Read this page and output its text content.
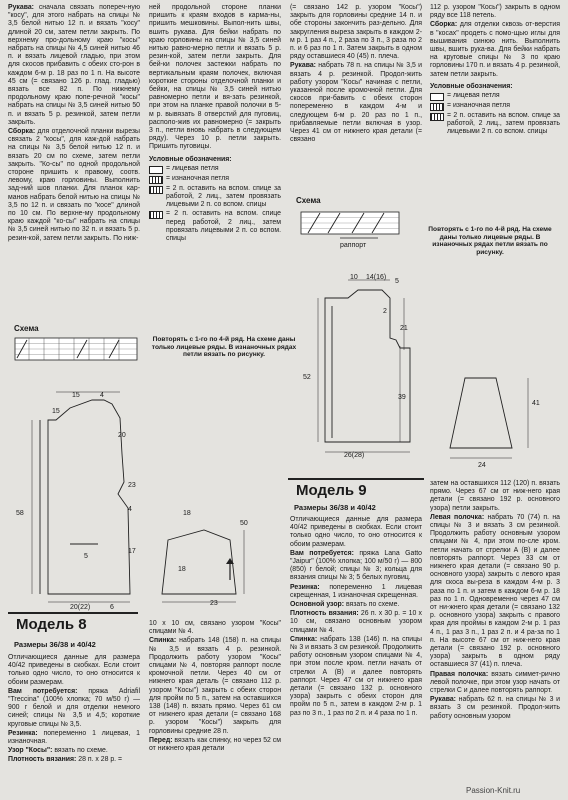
Рукава: сначала связать попереч-ную "косу", для этого набрать на спицы № 3,5 белой нитью 12 п. и вязать "косу" длиной 20 см, затем петли закрыть. По верхнему про-дольному краю "косы" набрать на спицы № 4,5 синей нитью 46 п. и вязать лицевой гладью, при этом для скосов прибавить с обеих сто-рон в каждом 6-м р. 18 раз по 1 п. На высоте 45 см (= связано 126 р. глад. гладью) вязать все 82 п. По нижнему продольному краю попе-речной "косы" набрать на спицы № 3,5 синей нитью 50 п. и вязать 5 р. резинкой, затем петли закрыть.

Сборка: для отделочной планки вырезы связать 2 "косы", для каж-дой набрать на спицы № 3,5 белой нитью 12 п. и вязать 20 см по схеме, затем петли закрыть. "Ко-сы" по одной продольной стороне пришить к правому, соотв. левому, краю горловины. Выполнить зад-ний шов планки. Для планок кар-манов набрать белой нитью на спицы № 3,5 по 12 п. и связать по "косе" длиной по 10 см. По верхне-му продольному краю каждой "ко-сы" набрать на спицы № 3,5 синей нитью по 32 п. и вязать 5 р. резин-кой, затем петли закрыть. По ниж-

ней продольной стороне планки пришить к краям входов в карма-ны, пришить мешковины. Выпол-нить швы, вшить рукава. Для бейки набрать по краю горловины на спицы № 3,5 синей нитью равно-мерно петли и вязать 5 р. резин-кой, затем петли закрыть. Для бей-ки полочек застежки набрать по вертикальным краям полочек, включая короткие стороны отделочной планки и бейки, на спицы № 3,5 синей нитью равномерно петли и вя-зать резинкой, при этом на планке правой полочки в 5-м р. вывязать 8 отверстий для пуговиц, располо-жив их равномерно (= закрыть 3 п., петли вновь набрать в следующем ряду). Через 10 р. петли закрыть. Пришить пуговицы.

Условные обозначения:

= лицевая петля
= изнаночная петля
= 2 п. оставить на вспом. спице за работой, 2 лиц., затем провязать лицевыми 2 п. со вспом. спицы
= 2 п. оставить на вспом. спице перед работой, 2 лиц., затем провязать лицевыми 2 п. со вспом. спицы

(= связано 142 р. узором "Косы") закрыть для горловины средние 14 п. и обе стороны закончить раз-дельно. Для закругления выреза закрыть в каждом 2-м р. 1 раз 4 п., 2 раза по 3 п., 3 раза по 2 п. и 6 раз по 1 п. Затем закрыть в одном ряду оставшиеся 40 (45) п. плеча.

Рукава: набрать 78 п. на спицы № 3,5 и вязать 4 р. резинкой. Продол-жить работу узором "Косы" начиная с петли, указанной после кромочной петли. Для скосов при-бавить с обеих сторон попеременно в каждом 4-м и следующем 6-м р. 20 раз по 1 п., прибавляемые петли включая в узор. Через 41 см от нижнего края детали (= связано

112 р. узором "Косы") закрыть в одном ряду все 118 петель.

Сборка: для отделки сквозь от-верстия в "косах" продеть с помо-щью иглы для вышивания синюю нить. Выполнить швы, вшить рука-ва. Для бейки набрать на круговые спицы № 3 по краю горловины 170 п. и вязать 4 р. резинкой, затем петли закрыть.

Условные обозначения:

= лицевая петля
= изнаночная петля
= 2 п. оставить на вспом. спице за работой, 2 лиц., затем провязать лицевыми 2 п. со вспом. спицы
Схема
раппорт
Повторять с 1-го по 4-й ряд. На схеме даны только лицевые ряды. В изнаночных рядах петли вязать по рисунку.
10 14(16)
5
2
21
52
39
26(28)
41
24
Схема
Повторять с 1-го по 4-й ряд. На схеме даны только лицевые ряды. В изнаночных рядах петли вязать по рисунку.
15	4
15
20
58
23
4
17
5
20(22)	6
50
18
18
23
Модель 9
Размеры 36/38 и 40/42

Отличающиеся данные для размера 40/42 приведены в скобках. Если стоит только одно число, то оно относится к обоим размерам.

Вам потребуется: пряжа Lana Gatto "Jaipur" (100% хлопка; 100 м/50 г) — 800 (850) г белой; спицы № 3; кольца для вязания спицы № 3; 5 белых пуговиц.

Резинка: попеременно 1 лицевая скрещенная, 1 изнаночная скрещенная.

Основной узор: вязать по схеме.

Плотность вязания: 26 п. x 30 р. = 10 x 10 см, связано основным узором спицами № 4.

Спинка: набрать 138 (146) п. на спицы № 3 и вязать 3 см резинкой. Продолжить работу основным узором спицами № 4, при этом после кром. петли начать от стрелки А (В) и далее повторять раппорт. Через 47 см от нижнего края детали (= связано 132 р. основного узора) закрыть с обеих сторон для пройм по 5 п., затем в каждом 2-м р. 1 раз по 3 п., 1 раз по 2 п. и 4 раза по 1 п.

затем на оставшихся 112 (120) п. вязать прямо. Через 67 см от ниж-него края детали (= связано 192 р. основного узора) петли закрыть.

Левая полочка: набрать 70 (74) п. на спицы № 3 и вязать 3 см резинкой. Продолжить работу основным узором спицами № 4, при этом по-сле кром. петли начать от стрелки А (В) и далее повторять раппорт. Через 33 см от нижнего края детали (= связано 90 р. основного узора) закрыть с левого края для скоса вы-реза в каждом 4-м р. 3 раза по 1 п. и затем в каждом 6-м р. 18 раз по 1 п. Одновременно через 47 см от ни-жнего края детали (= связано 132 р. основного узора) закрыть с правого края для проймы в каждом 2-м р. 1 раз 4 п., 1 раз 3 п., 1 раз 2 п. и 4 ра-за по 1 п. На высоте 67 см от ниж-него края детали (= связано 192 р. основного узора) закрыть в одном ряду оставшиеся 37 (41) п. плеча.

Правая полочка: вязать симмет-рично левой полочке, при этом узор начать от стрелки С и далее повторять раппорт.

Рукава: набрать 62 п. на спицы № 3 и вязать 3 см резинкой. Продол-жить работу основным узором

Модель 8
Размеры 36/38 и 40/42

Отличающиеся данные для размера 40/42 приведены в скобках. Если стоит только одно число, то оно относится к обоим размерам.

Вам потребуется: пряжа Adriafil "Treccina" (100% хлопка; 70 м/50 г) — 900 г белой и для отделки немного синей; спицы № 3,5 и 4,5; короткие круговые спицы № 3,5.

Резинка: попеременно 1 лицевая, 1 изнаночная.

Узор "Косы": вязать по схеме.

Плотность вязания: 28 п. x 28 р. =

10 x 10 см, связано узором "Косы" спицами № 4.

Спинка: набрать 148 (158) п. на спицы № 3,5 и вязать 4 р. резинкой. Продолжить работу узором "Косы" спицами № 4, повторяя раппорт после кромочной петли. Через 40 см от нижнего края деталь (= связано 112 р. узором "Косы") закрыть с обеих сторон для пройм по 5 п., затем на оставшихся 138 (148) п. вязать прямо. Через 61 см от нижнего края детали (= связано 168 р. узором "Косы") закрыть для горловины средние 28 п.

Перед: вязать как спинку, но через 52 см от нижнего края детали

Passion-Knit.ru
